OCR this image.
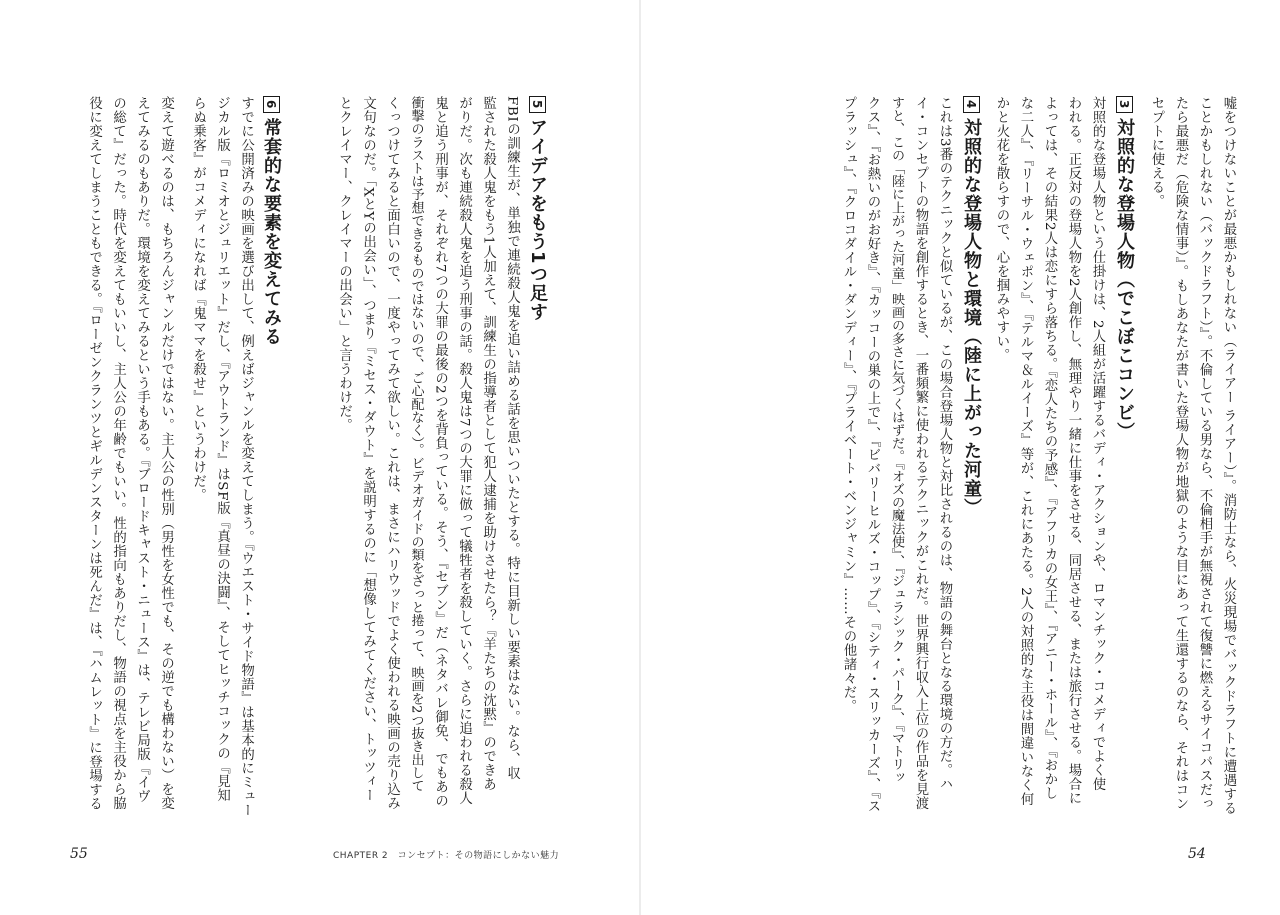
嘘をつけないことが最悪かもしれない（ライアー ライアー）』。消防士なら、火災現場でバックドラフトに遭遇する
ことかもしれない（バックドラフト）』。不倫している男なら、不倫相手が無視されて復讐に燃えるサイコパスだっ
たら最悪だ（危険な情事）』。もしあなたが書いた登場人物が地獄のような目にあって生還するのなら、それはコン
セプトに使える。
3対照的な登場人物（でこぼこコンビ）
対照的な登場人物という仕掛けは、2人組が活躍するバディ・アクションや、ロマンチック・コメディでよく使
われる。正反対の登場人物を2人創作し、無理やり一緒に仕事をさせる、同居させる、または旅行させる。場合に
よっては、その結果2人は恋にすら落ちる。『恋人たちの予感』、『アフリカの女王』、『アニー・ホール』、『おかし
な二人』、『リーサル・ウェポン』、『テルマ＆ルイーズ』等が、これにあたる。2人の対照的な主役は間違いなく何
かと火花を散らすので、心を掴みやすい。
4対照的な登場人物と環境（陸に上がった河童）
これは3番のテクニックと似ているが、この場合登場人物と対比されるのは、物語の舞台となる環境の方だ。ハ
イ・コンセプトの物語を創作するとき、一番頻繁に使われるテクニックがこれだ。世界興行収入上位の作品を見渡
すと、この「陸に上がった河童」映画の多さに気づくはずだ。『オズの魔法使』、『ジュラシック・パーク』、『マトリッ
クス』、『お熱いのがお好き』、『カッコーの巣の上で』、『ビバリーヒルズ・コップ』、『シティ・スリッカーズ』、『ス
プラッシュ』、『クロコダイル・ダンディー』、『プライベート・ベンジャミン』……その他諸々だ。
5アイデアをもう1つ足す
FBIの訓練生が、単独で連続殺人鬼を追い詰める話を思いついたとする。特に目新しい要素はない。なら、収
監された殺人鬼をもう1人加えて、訓練生の指導者として犯人逮捕を助けさせたら？『羊たちの沈黙』のできあ
がりだ。次も連続殺人鬼を追う刑事の話。殺人鬼は7つの大罪に倣って犠牲者を殺していく。さらに追われる殺人
鬼と追う刑事が、それぞれ7つの大罪の最後の2つを背負っている。そう、『セブン』だ（ネタバレ御免、でもあの
衝撃のラストは予想できるものではないので、ご心配なく）。ビデオガイドの類をざっと捲って、映画を2つ抜き出して
くっつけてみると面白いので、一度やってみて欲しい。これは、まさにハリウッドでよく使われる映画の売り込み
文句なのだ。「XとYの出会い」、つまり『ミセス・ダウト』を説明するのに「想像してみてください、トッツィー
とクレイマー、クレイマーの出会い」と言うわけだ。
6常套的な要素を変えてみる
すでに公開済みの映画を選び出して、例えばジャンルを変えてしまう。『ウエスト・サイド物語』は基本的にミュー
ジカル版『ロミオとジュリエット』だし、『アウトランド』はSF版『真昼の決闘』、そしてヒッチコックの『見知
らぬ乗客』がコメディになれば『鬼ママを殺せ』というわけだ。
変えて遊べるのは、もちろんジャンルだけではない。主人公の性別（男性を女性でも、その逆でも構わない）を変
えてみるのもありだ。環境を変えてみるという手もある。『ブロードキャスト・ニュース』は、テレビ局版『イヴ
の総て』だった。時代を変えてもいいし、主人公の年齢でもいい。性的指向もありだし、物語の視点を主役から脇
役に変えてしまうこともできる。『ローゼンクランツとギルデンスターンは死んだ』は、『ハムレット』に登場する
55	CHAPTER 2　コンセプト：その物語にしかない魅力	54
